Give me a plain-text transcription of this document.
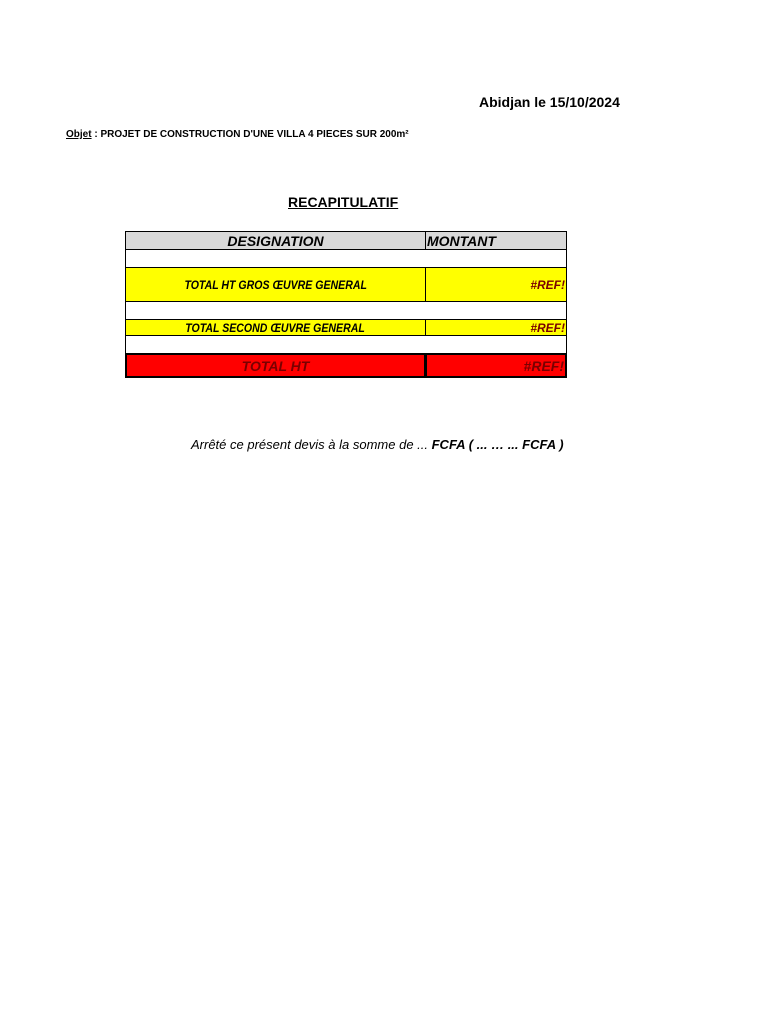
Abidjan le 15/10/2024
Objet : PROJET DE CONSTRUCTION D'UNE VILLA 4 PIECES SUR 200m²
RECAPITULATIF
DESIGNATION	MONTANT
TOTAL HT GROS ŒUVRE GENERAL	#REF!
TOTAL SECOND ŒUVRE GENERAL	#REF!
TOTAL HT	#REF!
Arrêté ce présent devis à la somme de ... FCFA ( ... … ... FCFA )
